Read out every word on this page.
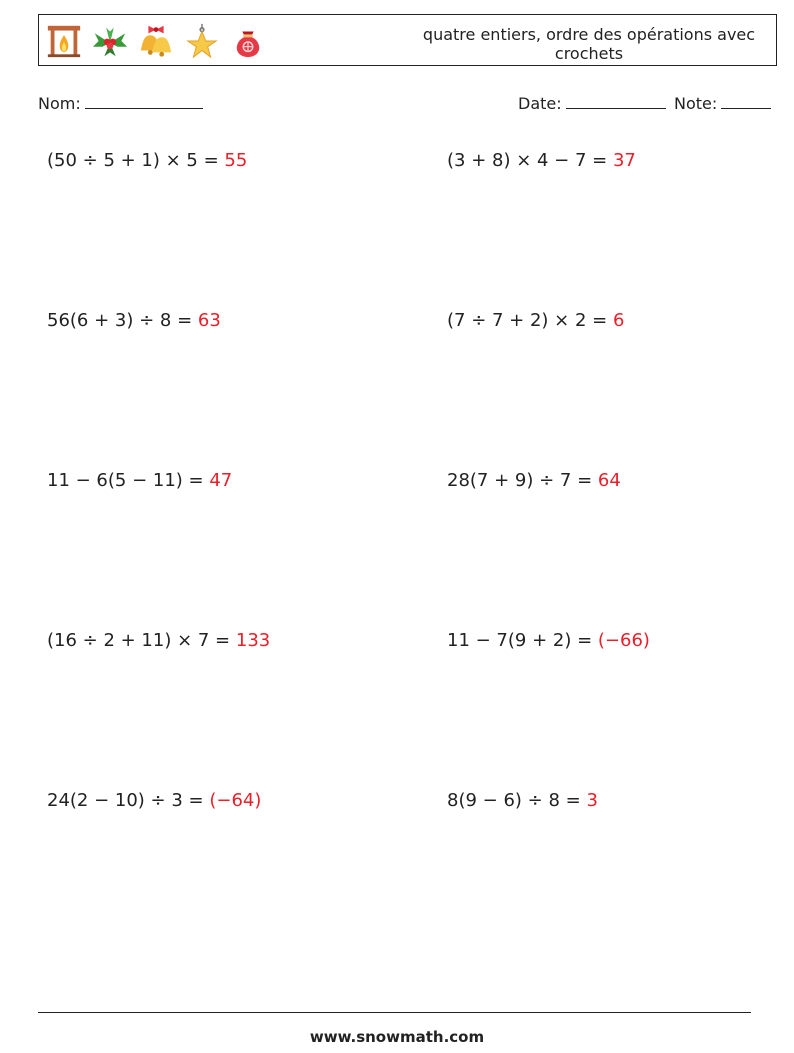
quatre entiers, ordre des opérations avec crochets
Nom:	Date:	Note:
(50 ÷ 5 + 1) × 5 = 55	(3 + 8) × 4 − 7 = 37
56(6 + 3) ÷ 8 = 63	(7 ÷ 7 + 2) × 2 = 6
11 − 6(5 − 11) = 47	28(7 + 9) ÷ 7 = 64
(16 ÷ 2 + 11) × 7 = 133	11 − 7(9 + 2) = (−66)
24(2 − 10) ÷ 3 = (−64)	8(9 − 6) ÷ 8 = 3
www.snowmath.com
